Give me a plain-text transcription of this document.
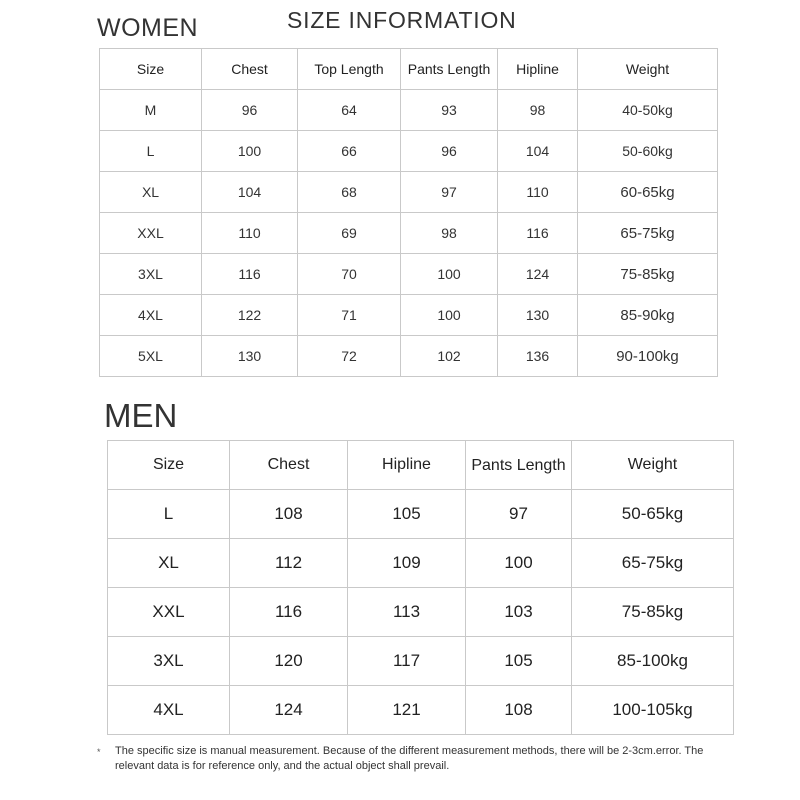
WOMEN	SIZE INFORMATION
Size	Chest	Top Length	Pants Length	Hipline	Weight
M	96	64	93	98	40-50kg
L	100	66	96	104	50-60kg
XL	104	68	97	110	60-65kg
XXL	110	69	98	116	65-75kg
3XL	116	70	100	124	75-85kg
4XL	122	71	100	130	85-90kg
5XL	130	72	102	136	90-100kg
MEN
Size	Chest	Hipline	Pants Length	Weight
L	108	105	97	50-65kg
XL	112	109	100	65-75kg
XXL	116	113	103	75-85kg
3XL	120	117	105	85-100kg
4XL	124	121	108	100-105kg
* The specific size is manual measurement. Because of the different measurement methods, there will be 2-3cm.error. The relevant data is for reference only, and the actual object shall prevail.
